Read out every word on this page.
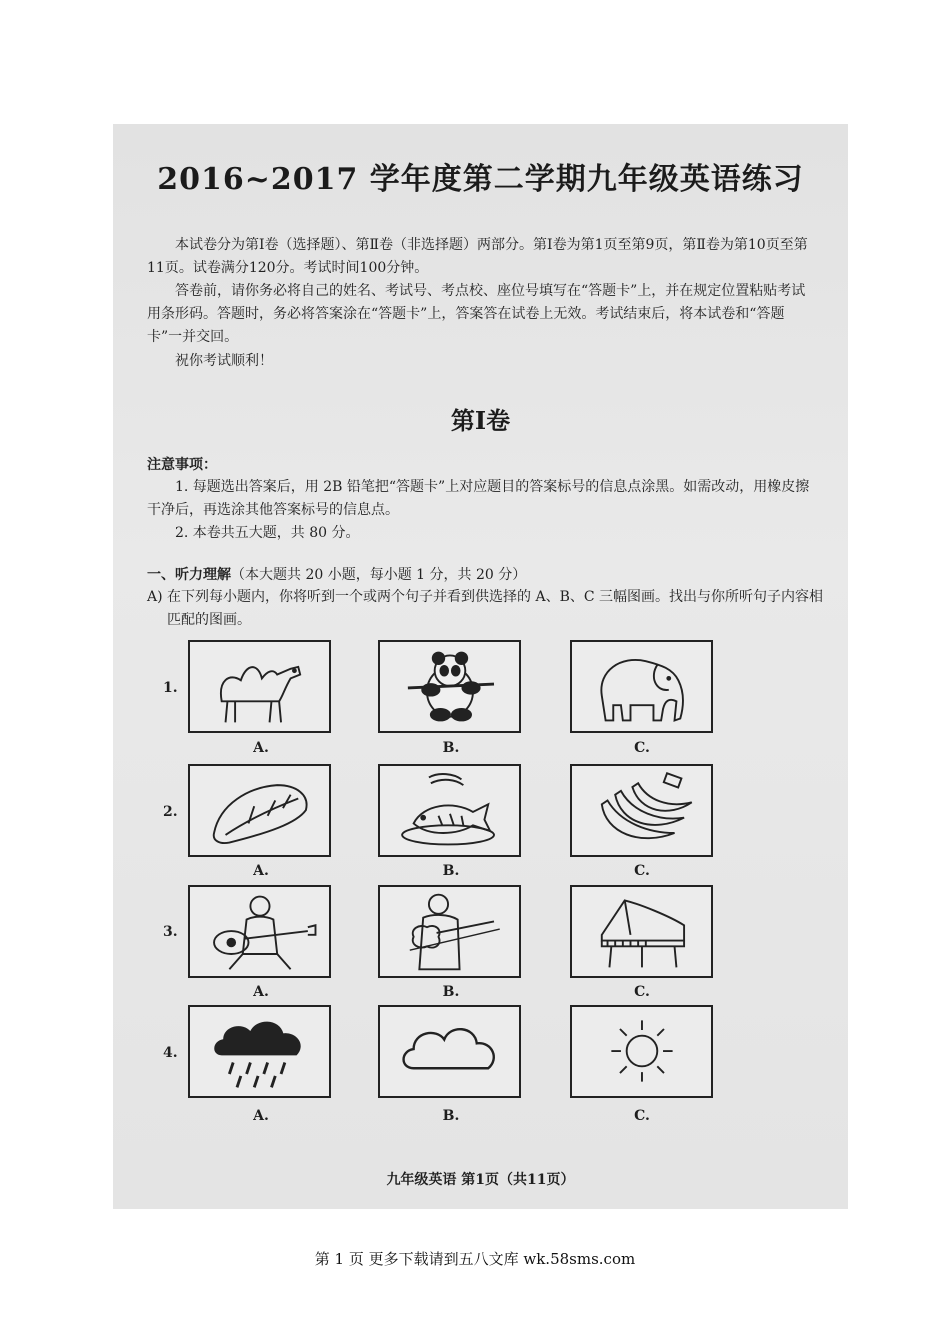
2016~2017 学年度第二学期九年级英语练习
本试卷分为第Ⅰ卷（选择题）、第Ⅱ卷（非选择题）两部分。第Ⅰ卷为第1页至第9页，第Ⅱ卷为第10页至第11页。试卷满分120分。考试时间100分钟。
答卷前，请你务必将自己的姓名、考试号、考点校、座位号填写在“答题卡”上，并在规定位置粘贴考试用条形码。答题时，务必将答案涂在“答题卡”上，答案答在试卷上无效。考试结束后，将本试卷和“答题卡”一并交回。
祝你考试顺利！
第Ⅰ卷
注意事项：
1. 每题选出答案后，用 2B 铅笔把“答题卡”上对应题目的答案标号的信息点涂黑。如需改动，用橡皮擦干净后，再选涂其他答案标号的信息点。
2. 本卷共五大题，共 80 分。
一、听力理解（本大题共 20 小题，每小题 1 分，共 20 分）
A) 在下列每小题内，你将听到一个或两个句子并看到供选择的 A、B、C 三幅图画。找出与你所听句子内容相匹配的图画。
1.
A.	B.	C.
2.
A.	B.	C.
3.
A.	B.	C.
4.
A.	B.	C.
九年级英语 第1页（共11页）
第 1 页 更多下载请到五八文库 wk.58sms.com
